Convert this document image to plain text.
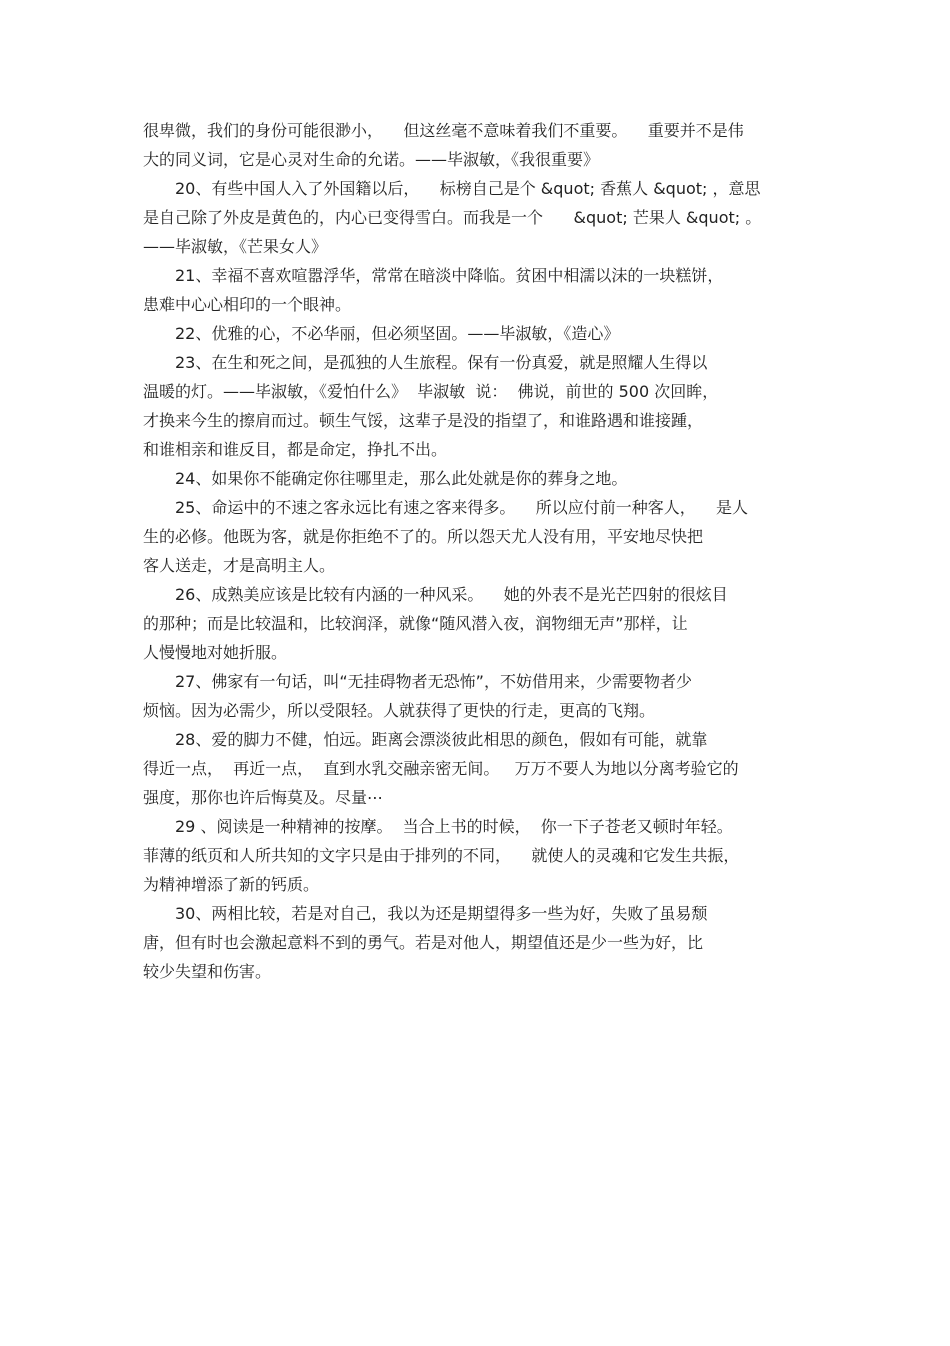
很卑微，我们的身份可能很渺小，    但这丝毫不意味着我们不重要。    重要并不是伟
大的同义词，它是心灵对生命的允诺。——毕淑敏，《我很重要》
20、有些中国人入了外国籍以后，    标榜自己是个 &quot; 香蕉人 &quot; ，意思
是自己除了外皮是黄色的，内心已变得雪白。而我是一个      &quot; 芒果人 &quot; 。
——毕淑敏，《芒果女人》
21、幸福不喜欢喧嚣浮华，常常在暗淡中降临。贫困中相濡以沫的一块糕饼，
患难中心心相印的一个眼神。
22、优雅的心，不必华丽，但必须坚固。——毕淑敏，《造心》
23、在生和死之间，是孤独的人生旅程。保有一份真爱，就是照耀人生得以
温暖的灯。——毕淑敏，《爱怕什么》  毕淑敏  说：  佛说，前世的 500 次回眸，
才换来今生的擦肩而过。顿生气馁，这辈子是没的指望了，和谁路遇和谁接踵，
和谁相亲和谁反目，都是命定，挣扎不出。
24、如果你不能确定你往哪里走，那么此处就是你的葬身之地。
25、命运中的不速之客永远比有速之客来得多。    所以应付前一种客人，    是人
生的必修。他既为客，就是你拒绝不了的。所以怨天尤人没有用，平安地尽快把
客人送走，才是高明主人。
26、成熟美应该是比较有内涵的一种风采。    她的外表不是光芒四射的很炫目
的那种；而是比较温和，比较润泽，就像“随风潜入夜，润物细无声”那样，让
人慢慢地对她折服。
27、佛家有一句话，叫“无挂碍物者无恐怖”，不妨借用来，少需要物者少
烦恼。因为必需少，所以受限轻。人就获得了更快的行走，更高的飞翔。
28、爱的脚力不健，怕远。距离会漂淡彼此相思的颜色，假如有可能，就靠
得近一点，  再近一点，  直到水乳交融亲密无间。   万万不要人为地以分离考验它的
强度，那你也许后悔莫及。尽量⋯
29 、阅读是一种精神的按摩。  当合上书的时候，  你一下子苍老又顿时年轻。
菲薄的纸页和人所共知的文字只是由于排列的不同，    就使人的灵魂和它发生共振，
为精神增添了新的钙质。
30、两相比较，若是对自己，我以为还是期望得多一些为好，失败了虽易颓
唐，但有时也会激起意料不到的勇气。若是对他人，期望值还是少一些为好，比
较少失望和伤害。
